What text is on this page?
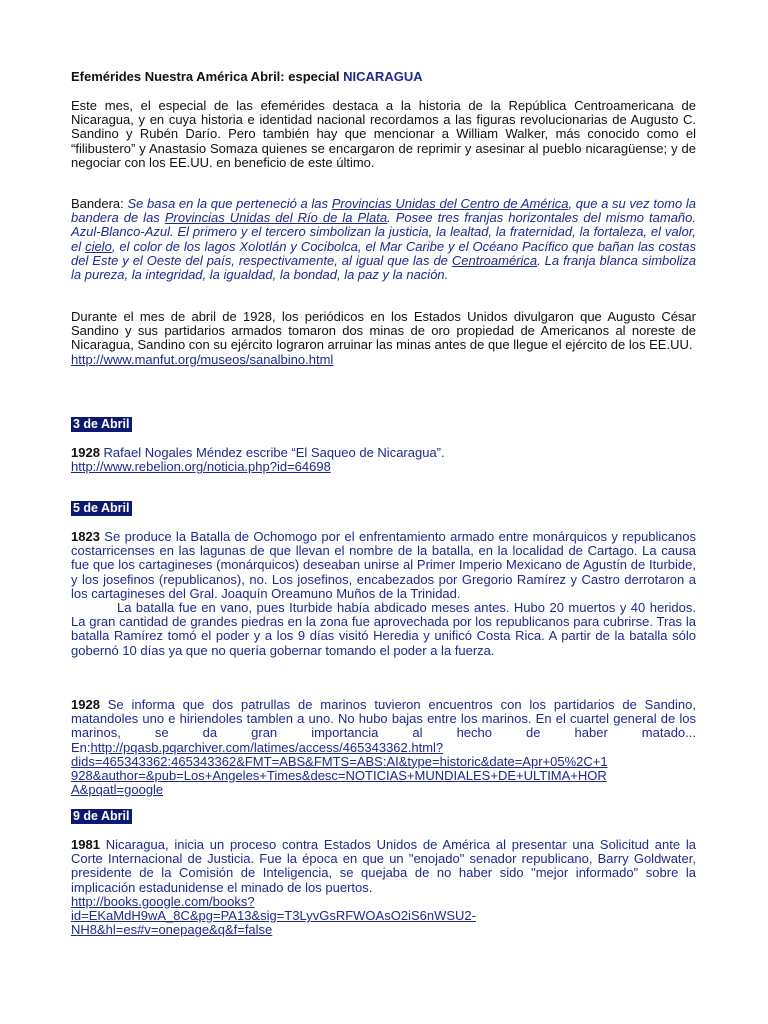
Efemérides Nuestra América Abril: especial NICARAGUA
Este mes, el especial de las efemérides destaca a la historia de la República Centroamericana de Nicaragua, y en cuya historia e identidad nacional recordamos a las figuras revolucionarias de Augusto C. Sandino y Rubén Darío. Pero también hay que mencionar a William Walker, más conocido como el “filibustero” y Anastasio Somaza quienes se encargaron de reprimir y asesinar al pueblo nicaragüense; y de negociar con los EE.UU. en beneficio de este último.
Bandera: Se basa en la que perteneció a las Provincias Unidas del Centro de América, que a su vez tomo la bandera de las Provincias Unidas del Río de la Plata. Posee tres franjas horizontales del mismo tamaño. Azul-Blanco-Azul. El primero y el tercero simbolizan la justicia, la lealtad, la fraternidad, la fortaleza, el valor, el cielo, el color de los lagos Xolotlán y Cocibolca, el Mar Caribe y el Océano Pacífico que bañan las costas del Este y el Oeste del país, respectivamente, al igual que las de Centroamérica. La franja blanca simboliza la pureza, la integridad, la igualdad, la bondad, la paz y la nación.
Durante el mes de abril de 1928, los periódicos en los Estados Unidos divulgaron que Augusto César Sandino y sus partidarios armados tomaron dos minas de oro propiedad de Americanos al noreste de Nicaragua, Sandino con su ejército lograron arruinar las minas antes de que llegue el ejército de los EE.UU.
http://www.manfut.org/museos/sanalbino.html
3 de Abril
1928 Rafael Nogales Méndez escribe “El Saqueo de Nicaragua”.
http://www.rebelion.org/noticia.php?id=64698
5 de Abril
1823 Se produce la Batalla de Ochomogo por el enfrentamiento armado entre monárquicos y republicanos costarricenses en las lagunas de que llevan el nombre de la batalla, en la localidad de Cartago. La causa fue que los cartagineses (monárquicos) deseaban unirse al Primer Imperio Mexicano de Agustín de Iturbide, y los josefinos (republicanos), no. Los josefinos, encabezados por Gregorio Ramírez y Castro derrotaron a los cartagineses del Gral. Joaquín Oreamuno Muños de la Trinidad.
La batalla fue en vano, pues Iturbide había abdicado meses antes. Hubo 20 muertos y 40 heridos. La gran cantidad de grandes piedras en la zona fue aprovechada por los republicanos para cubrirse. Tras la batalla Ramírez tomó el poder y a los 9 días visitó Heredia y unificó Costa Rica. A partir de la batalla sólo gobernó 10 días ya que no quería gobernar tomando el poder a la fuerza.
1928 Se informa que dos patrullas de marinos tuvieron encuentros con los partidarios de Sandino, matandoles uno e hiriendoles tamblen a uno. No hubo bajas entre los marinos. En el cuartel general de los marinos, se da gran importancia al hecho de haber matado... En:http://pqasb.pqarchiver.com/latimes/access/465343362.html?
dids=465343362:465343362&FMT=ABS&FMTS=ABS:AI&type=historic&date=Apr+05%2C+1
928&author=&pub=Los+Angeles+Times&desc=NOTICIAS+MUNDIALES+DE+ULTIMA+HOR
A&pqatl=google
9 de Abril
1981 Nicaragua, inicia un proceso contra Estados Unidos de América al presentar una Solicitud ante la Corte Internacional de Justicia. Fue la época en que un "enojado" senador republicano, Barry Goldwater, presidente de la Comisión de Inteligencia, se quejaba de no haber sido "mejor informado" sobre la implicación estadunidense el minado de los puertos.
http://books.google.com/books?
id=EKaMdH9wA_8C&pg=PA13&sig=T3LyvGsRFWOAsO2iS6nWSU2-
NH8&hl=es#v=onepage&q&f=false
